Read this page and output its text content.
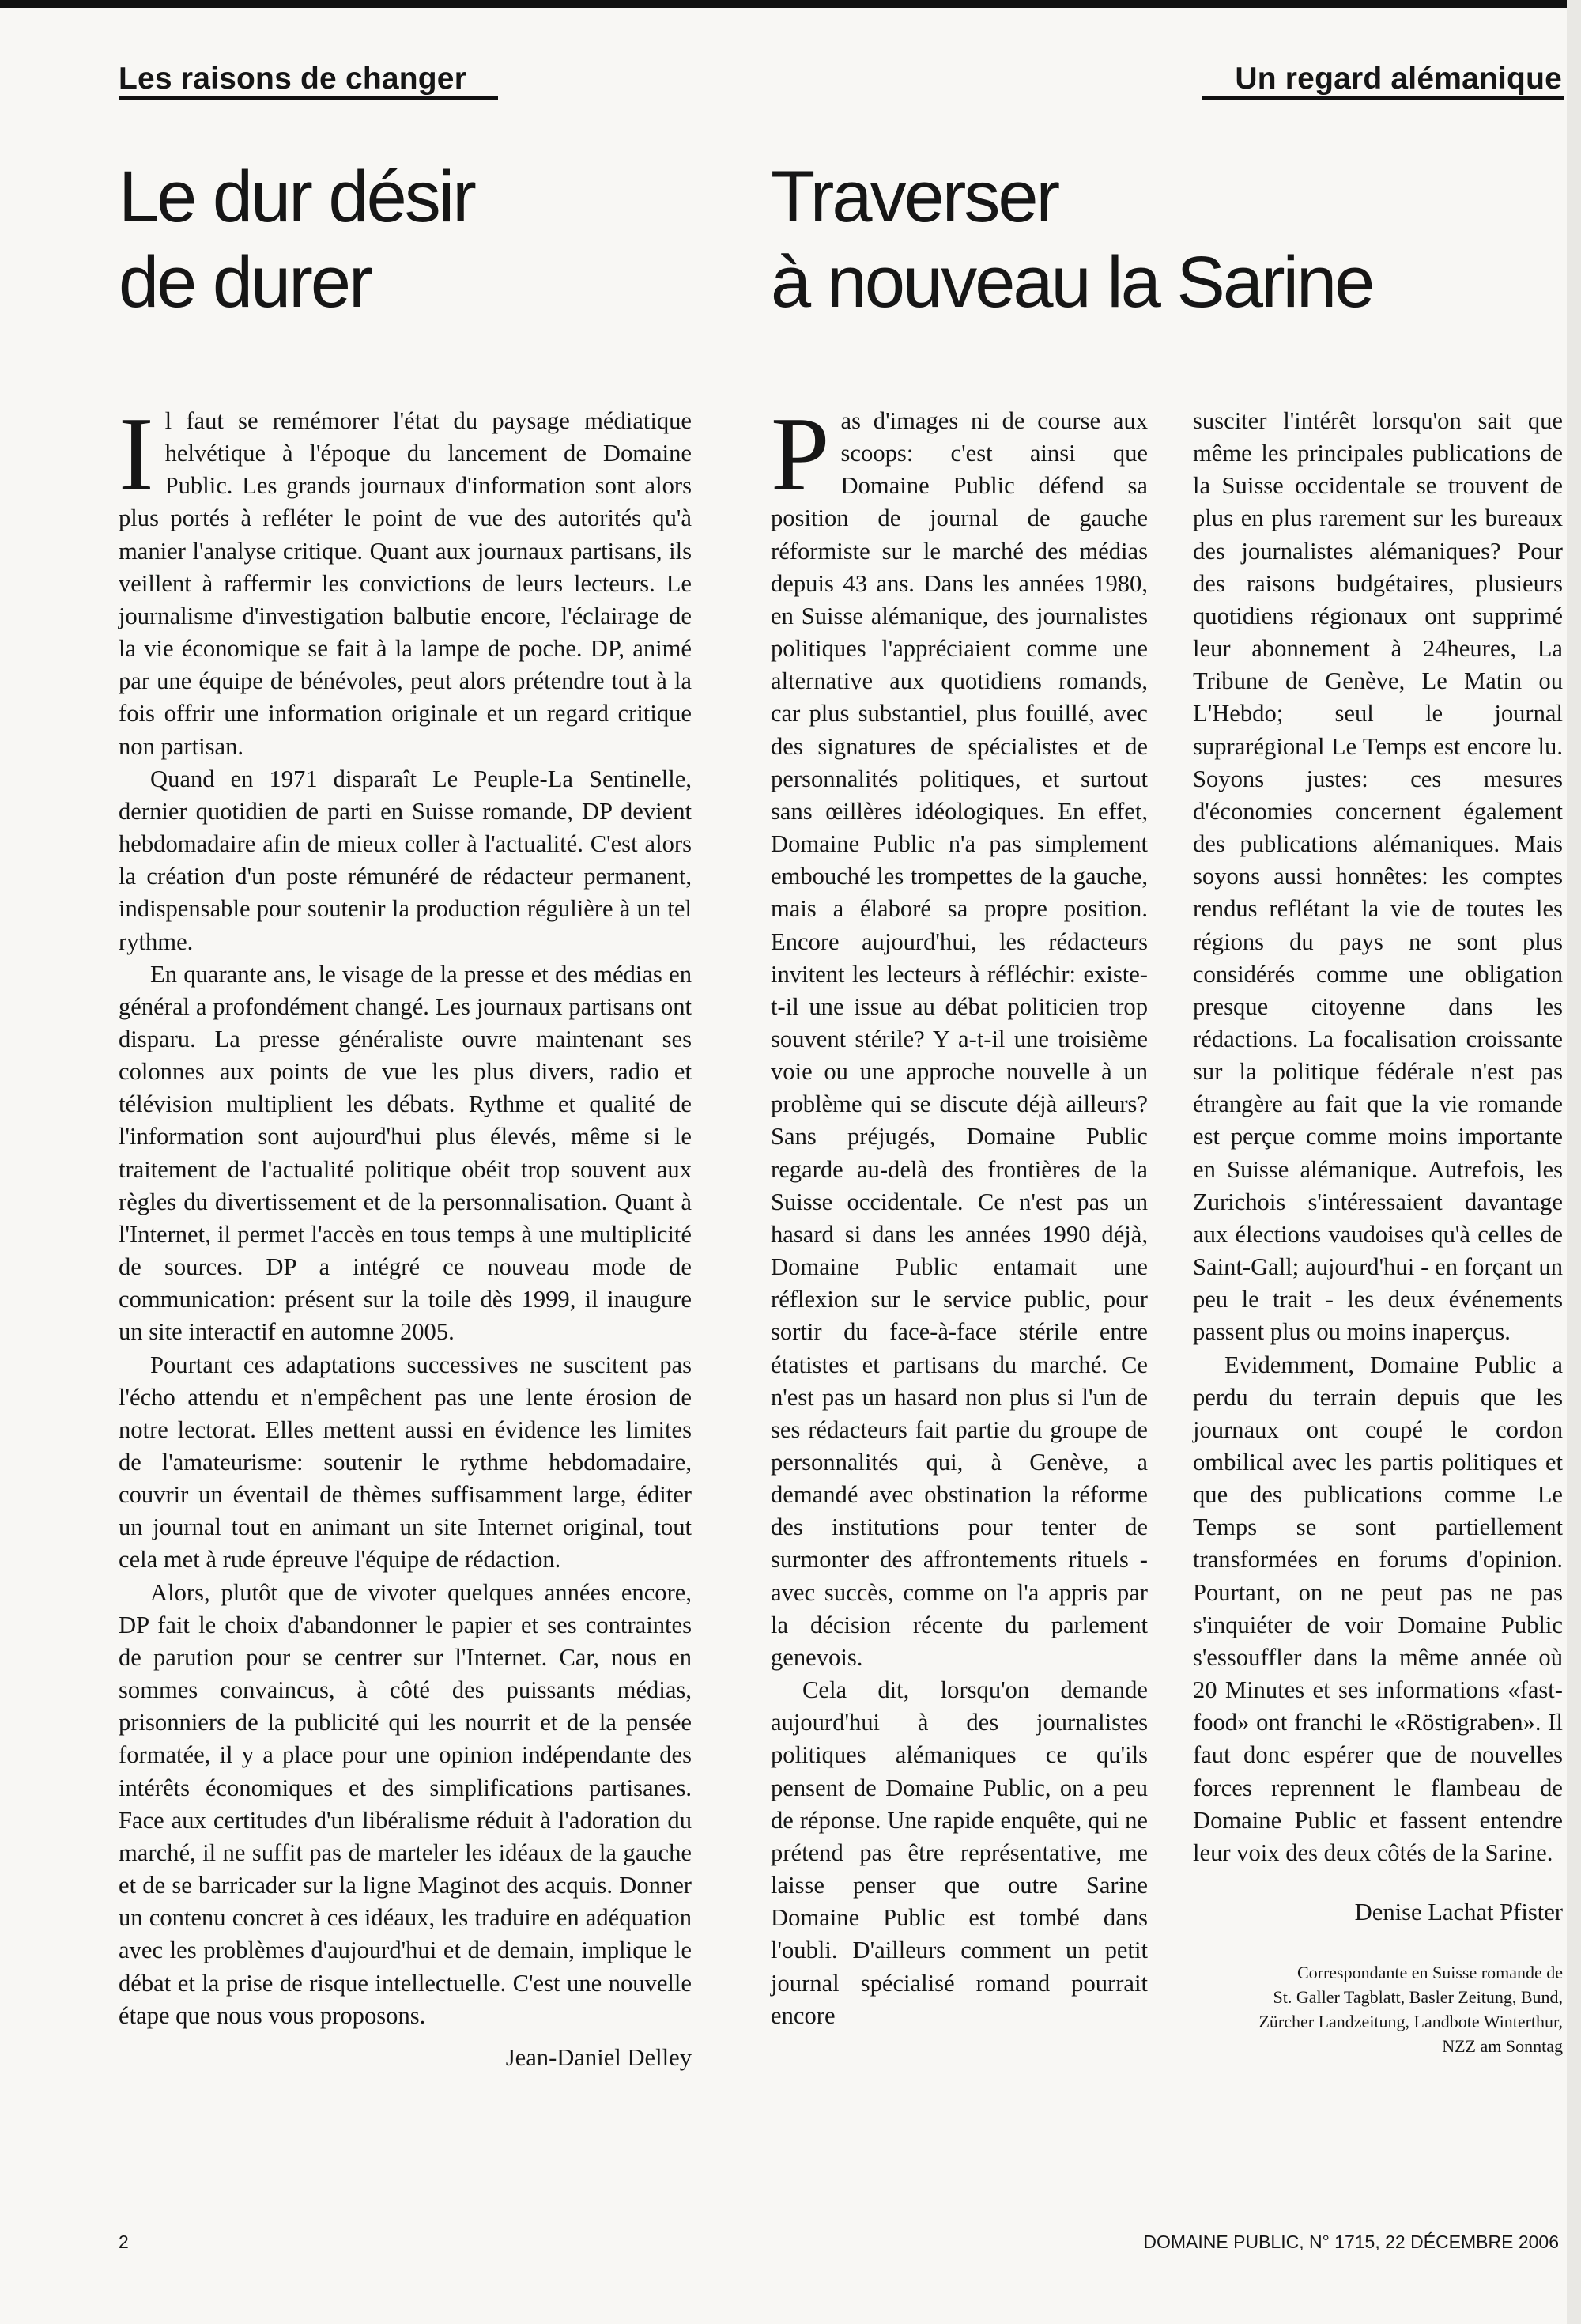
Les raisons de changer	Un regard alémanique
Le dur désir
de durer
Traverser
à nouveau la Sarine

Il faut se remémorer l'état du paysage médiatique helvétique à l'époque du lancement de Domaine Public. Les grands journaux d'information sont alors plus portés à refléter le point de vue des autorités qu'à manier l'analyse critique. Quant aux journaux partisans, ils veillent à raffermir les convictions de leurs lecteurs. Le journalisme d'investigation balbutie encore, l'éclairage de la vie économique se fait à la lampe de poche. DP, animé par une équipe de bénévoles, peut alors prétendre tout à la fois offrir une information originale et un regard critique non partisan.

Quand en 1971 disparaît Le Peuple-La Sentinelle, dernier quotidien de parti en Suisse romande, DP devient hebdomadaire afin de mieux coller à l'actualité. C'est alors la création d'un poste rémunéré de rédacteur permanent, indispensable pour soutenir la production régulière à un tel rythme.

En quarante ans, le visage de la presse et des médias en général a profondément changé. Les journaux partisans ont disparu. La presse généraliste ouvre maintenant ses colonnes aux points de vue les plus divers, radio et télévision multiplient les débats. Rythme et qualité de l'information sont aujourd'hui plus élevés, même si le traitement de l'actualité politique obéit trop souvent aux règles du divertissement et de la personnalisation. Quant à l'Internet, il permet l'accès en tous temps à une multiplicité de sources. DP a intégré ce nouveau mode de communication: présent sur la toile dès 1999, il inaugure un site interactif en automne 2005.

Pourtant ces adaptations successives ne suscitent pas l'écho attendu et n'empêchent pas une lente érosion de notre lectorat. Elles mettent aussi en évidence les limites de l'amateurisme: soutenir le rythme hebdomadaire, couvrir un éventail de thèmes suffisamment large, éditer un journal tout en animant un site Internet original, tout cela met à rude épreuve l'équipe de rédaction.

Alors, plutôt que de vivoter quelques années encore, DP fait le choix d'abandonner le papier et ses contraintes de parution pour se centrer sur l'Internet. Car, nous en sommes convaincus, à côté des puissants médias, prisonniers de la publicité qui les nourrit et de la pensée formatée, il y a place pour une opinion indépendante des intérêts économiques et des simplifications partisanes. Face aux certitudes d'un libéralisme réduit à l'adoration du marché, il ne suffit pas de marteler les idéaux de la gauche et de se barricader sur la ligne Maginot des acquis. Donner un contenu concret à ces idéaux, les traduire en adéquation avec les problèmes d'aujourd'hui et de demain, implique le débat et la prise de risque intellectuelle. C'est une nouvelle étape que nous vous proposons.

Jean-Daniel Delley

Pas d'images ni de course aux scoops: c'est ainsi que Domaine Public défend sa position de journal de gauche réformiste sur le marché des médias depuis 43 ans. Dans les années 1980, en Suisse alémanique, des journalistes politiques l'appréciaient comme une alternative aux quotidiens romands, car plus substantiel, plus fouillé, avec des signatures de spécialistes et de personnalités politiques, et surtout sans œillères idéologiques. En effet, Domaine Public n'a pas simplement embouché les trompettes de la gauche, mais a élaboré sa propre position. Encore aujourd'hui, les rédacteurs invitent les lecteurs à réfléchir: existe-t-il une issue au débat politicien trop souvent stérile? Y a-t-il une troisième voie ou une approche nouvelle à un problème qui se discute déjà ailleurs? Sans préjugés, Domaine Public regarde au-delà des frontières de la Suisse occidentale. Ce n'est pas un hasard si dans les années 1990 déjà, Domaine Public entamait une réflexion sur le service public, pour sortir du face-à-face stérile entre étatistes et partisans du marché. Ce n'est pas un hasard non plus si l'un de ses rédacteurs fait partie du groupe de personnalités qui, à Genève, a demandé avec obstination la réforme des institutions pour tenter de surmonter des affrontements rituels - avec succès, comme on l'a appris par la décision récente du parlement genevois.

Cela dit, lorsqu'on demande aujourd'hui à des journalistes politiques alémaniques ce qu'ils pensent de Domaine Public, on a peu de réponse. Une rapide enquête, qui ne prétend pas être représentative, me laisse penser que outre Sarine Domaine Public est tombé dans l'oubli. D'ailleurs comment un petit journal spécialisé romand pourrait encore

susciter l'intérêt lorsqu'on sait que même les principales publications de la Suisse occidentale se trouvent de plus en plus rarement sur les bureaux des journalistes alémaniques? Pour des raisons budgétaires, plusieurs quotidiens régionaux ont supprimé leur abonnement à 24heures, La Tribune de Genève, Le Matin ou L'Hebdo; seul le journal suprarégional Le Temps est encore lu. Soyons justes: ces mesures d'économies concernent également des publications alémaniques. Mais soyons aussi honnêtes: les comptes rendus reflétant la vie de toutes les régions du pays ne sont plus considérés comme une obligation presque citoyenne dans les rédactions. La focalisation croissante sur la politique fédérale n'est pas étrangère au fait que la vie romande est perçue comme moins importante en Suisse alémanique. Autrefois, les Zurichois s'intéressaient davantage aux élections vaudoises qu'à celles de Saint-Gall; aujourd'hui - en forçant un peu le trait - les deux événements passent plus ou moins inaperçus.

Evidemment, Domaine Public a perdu du terrain depuis que les journaux ont coupé le cordon ombilical avec les partis politiques et que des publications comme Le Temps se sont partiellement transformées en forums d'opinion. Pourtant, on ne peut pas ne pas s'inquiéter de voir Domaine Public s'essouffler dans la même année où 20 Minutes et ses informations «fast-food» ont franchi le «Röstigraben». Il faut donc espérer que de nouvelles forces reprennent le flambeau de Domaine Public et fassent entendre leur voix des deux côtés de la Sarine.

Denise Lachat Pfister
Correspondante en Suisse romande de
St. Galler Tagblatt, Basler Zeitung, Bund,
Zürcher Landzeitung, Landbote Winterthur,
NZZ am Sonntag
2	DOMAINE PUBLIC, N° 1715, 22 DÉCEMBRE 2006
